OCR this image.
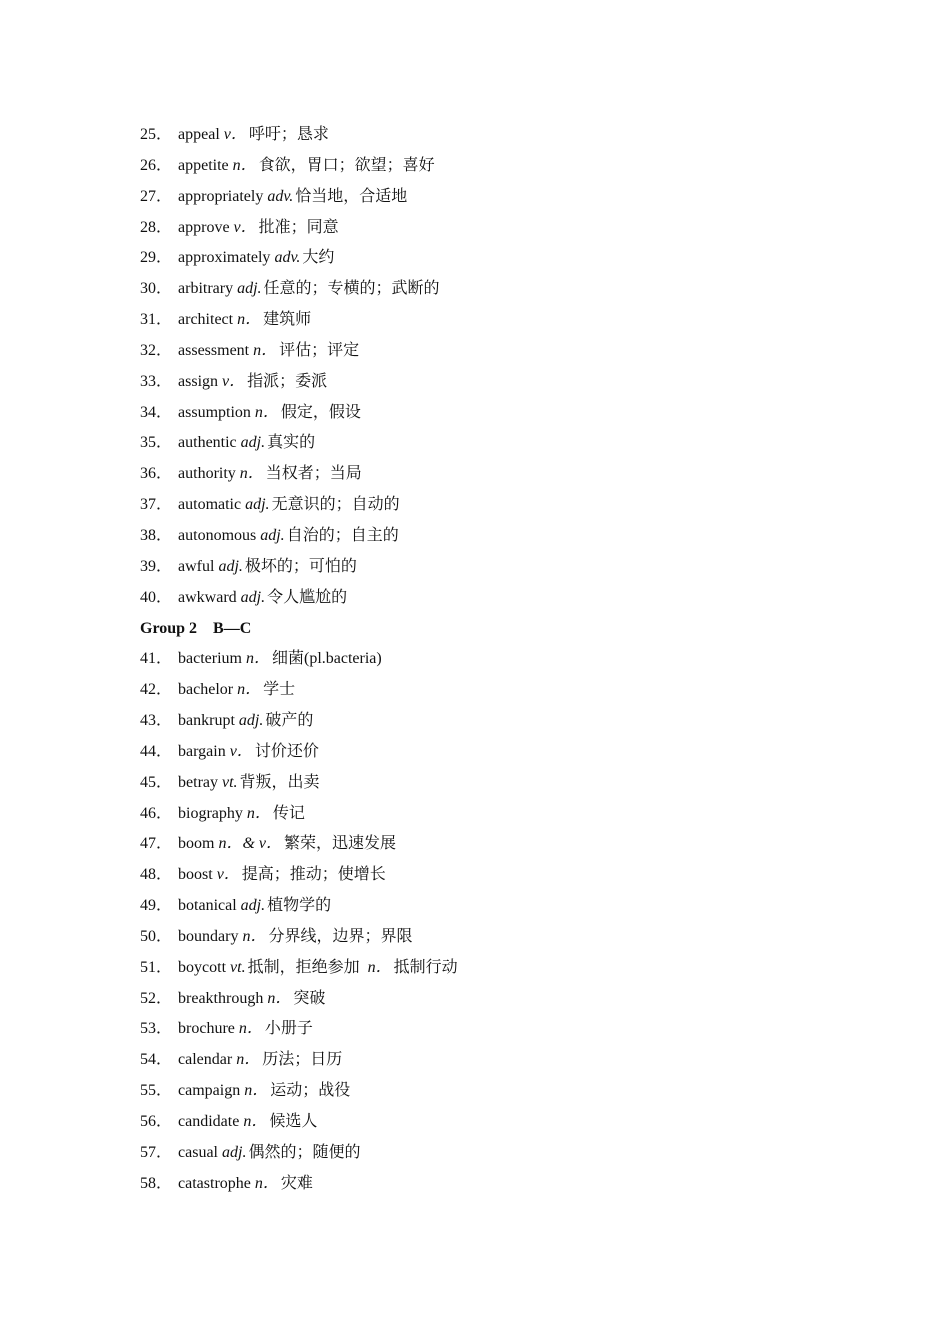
25． appeal v． 呼吁；恳求
26． appetite n． 食欲，胃口；欲望；喜好
27． appropriately adv. 恰当地，合适地
28． approve v． 批准；同意
29． approximately adv. 大约
30． arbitrary adj. 任意的；专横的；武断的
31． architect n． 建筑师
32． assessment n． 评估；评定
33． assign v． 指派；委派
34． assumption n． 假定，假设
35． authentic adj. 真实的
36． authority n． 当权者；当局
37． automatic adj. 无意识的；自动的
38． autonomous adj. 自治的；自主的
39． awful adj. 极坏的；可怕的
40． awkward adj. 令人尴尬的
Group 2　B—C
41． bacterium n． 细菌(pl.bacteria)
42． bachelor n． 学士
43． bankrupt adj. 破产的
44． bargain v． 讨价还价
45． betray vt. 背叛，出卖
46． biography n． 传记
47． boom n．& v． 繁荣，迅速发展
48． boost v． 提高；推动；使增长
49． botanical adj. 植物学的
50． boundary n． 分界线，边界；界限
51． boycott vt. 抵制，拒绝参加 n． 抵制行动
52． breakthrough n． 突破
53． brochure n． 小册子
54． calendar n． 历法；日历
55． campaign n． 运动；战役
56． candidate n． 候选人
57． casual adj. 偶然的；随便的
58． catastrophe n． 灾难
